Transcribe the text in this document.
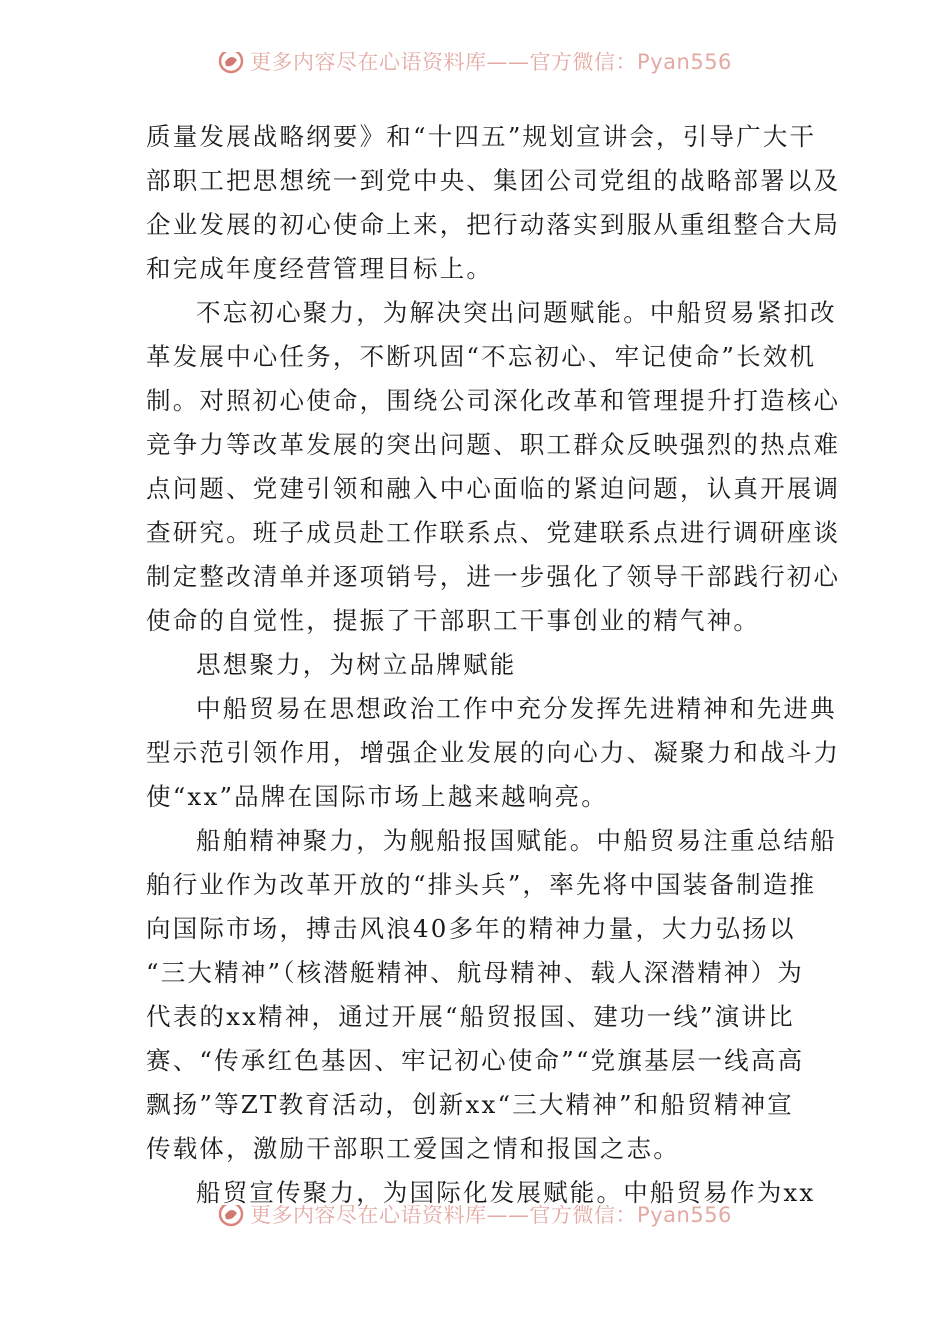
更多内容尽在心语资料库——官方微信：Pyan556
质量发展战略纲要》和“十四五”规划宣讲会，引导广大干
部职工把思想统一到党中央、集团公司党组的战略部署以及
企业发展的初心使命上来，把行动落实到服从重组整合大局
和完成年度经营管理目标上。
不忘初心聚力，为解决突出问题赋能。中船贸易紧扣改
革发展中心任务，不断巩固“不忘初心、牢记使命”长效机
制。对照初心使命，围绕公司深化改革和管理提升打造核心
竞争力等改革发展的突出问题、职工群众反映强烈的热点难
点问题、党建引领和融入中心面临的紧迫问题，认真开展调
查研究。班子成员赴工作联系点、党建联系点进行调研座谈
制定整改清单并逐项销号，进一步强化了领导干部践行初心
使命的自觉性，提振了干部职工干事创业的精气神。
思想聚力，为树立品牌赋能
中船贸易在思想政治工作中充分发挥先进精神和先进典
型示范引领作用，增强企业发展的向心力、凝聚力和战斗力
使“xx”品牌在国际市场上越来越响亮。
船舶精神聚力，为舰船报国赋能。中船贸易注重总结船
舶行业作为改革开放的“排头兵”，率先将中国装备制造推
向国际市场，搏击风浪40多年的精神力量，大力弘扬以
“三大精神”（核潜艇精神、航母精神、载人深潜精神）为
代表的xx精神，通过开展“船贸报国、建功一线”演讲比
赛、“传承红色基因、牢记初心使命”“党旗基层一线高高
飘扬”等ZT教育活动，创新xx“三大精神”和船贸精神宣
传载体，激励干部职工爱国之情和报国之志。
船贸宣传聚力，为国际化发展赋能。中船贸易作为xx
更多内容尽在心语资料库——官方微信：Pyan556
